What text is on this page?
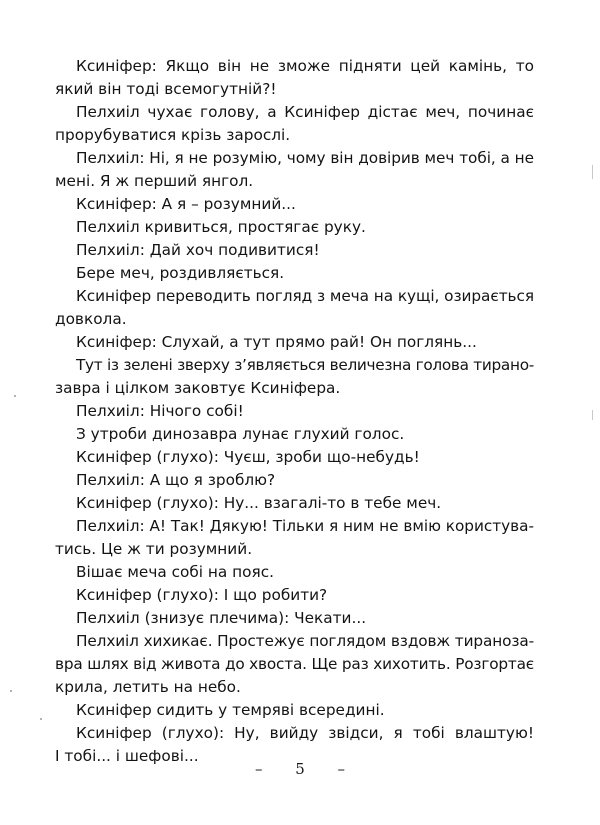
Ксинiфер: Якщо вiн не зможе пiдняти цей камiнь, то
який вiн тодi всемогутнiй?!
Пелхиiл чухає голову, а Ксинiфер дiстає меч, починає
прорубуватися крiзь зарослi.
Пелхиiл: Нi, я не розумiю, чому вiн довiрив меч тобi, а не
менi. Я ж перший янгол.
Ксинiфер: А я – розумний...
Пелхиiл кривиться, простягає руку.
Пелхиiл: Дай хоч подивитися!
Бере меч, роздивляється.
Ксинiфер переводить погляд з меча на кущi, озирається
довкола.
Ксинiфер: Слухай, а тут прямо рай! Он поглянь...
Тут iз зеленi зверху з’являється величезна голова тирано-
завра i цiлком заковтує Ксинiфера.
Пелхиiл: Нiчого собi!
З утроби динозавра лунає глухий голос.
Ксинiфер (глухо): Чуєш, зроби що-небудь!
Пелхиiл: А що я зроблю?
Ксинiфер (глухо): Ну... взагалi-то в тебе меч.
Пелхиiл: А! Так! Дякую! Тiльки я ним не вмiю користува-
тись. Це ж ти розумний.
Вiшає меча собi на пояс.
Ксинiфер (глухо): I що робити?
Пелхиiл (знизує плечима): Чекати...
Пелхиiл хихикає. Простежує поглядом вздовж тираноза-
вра шлях вiд живота до хвоста. Ще раз хихотить. Розгортає
крила, летить на небо.
Ксинiфер сидить у темрявi всерединi.
Ксинiфер (глухо): Ну, вийду звiдси, я тобi влаштую!
I тобi... i шефовi...
– 5 –
